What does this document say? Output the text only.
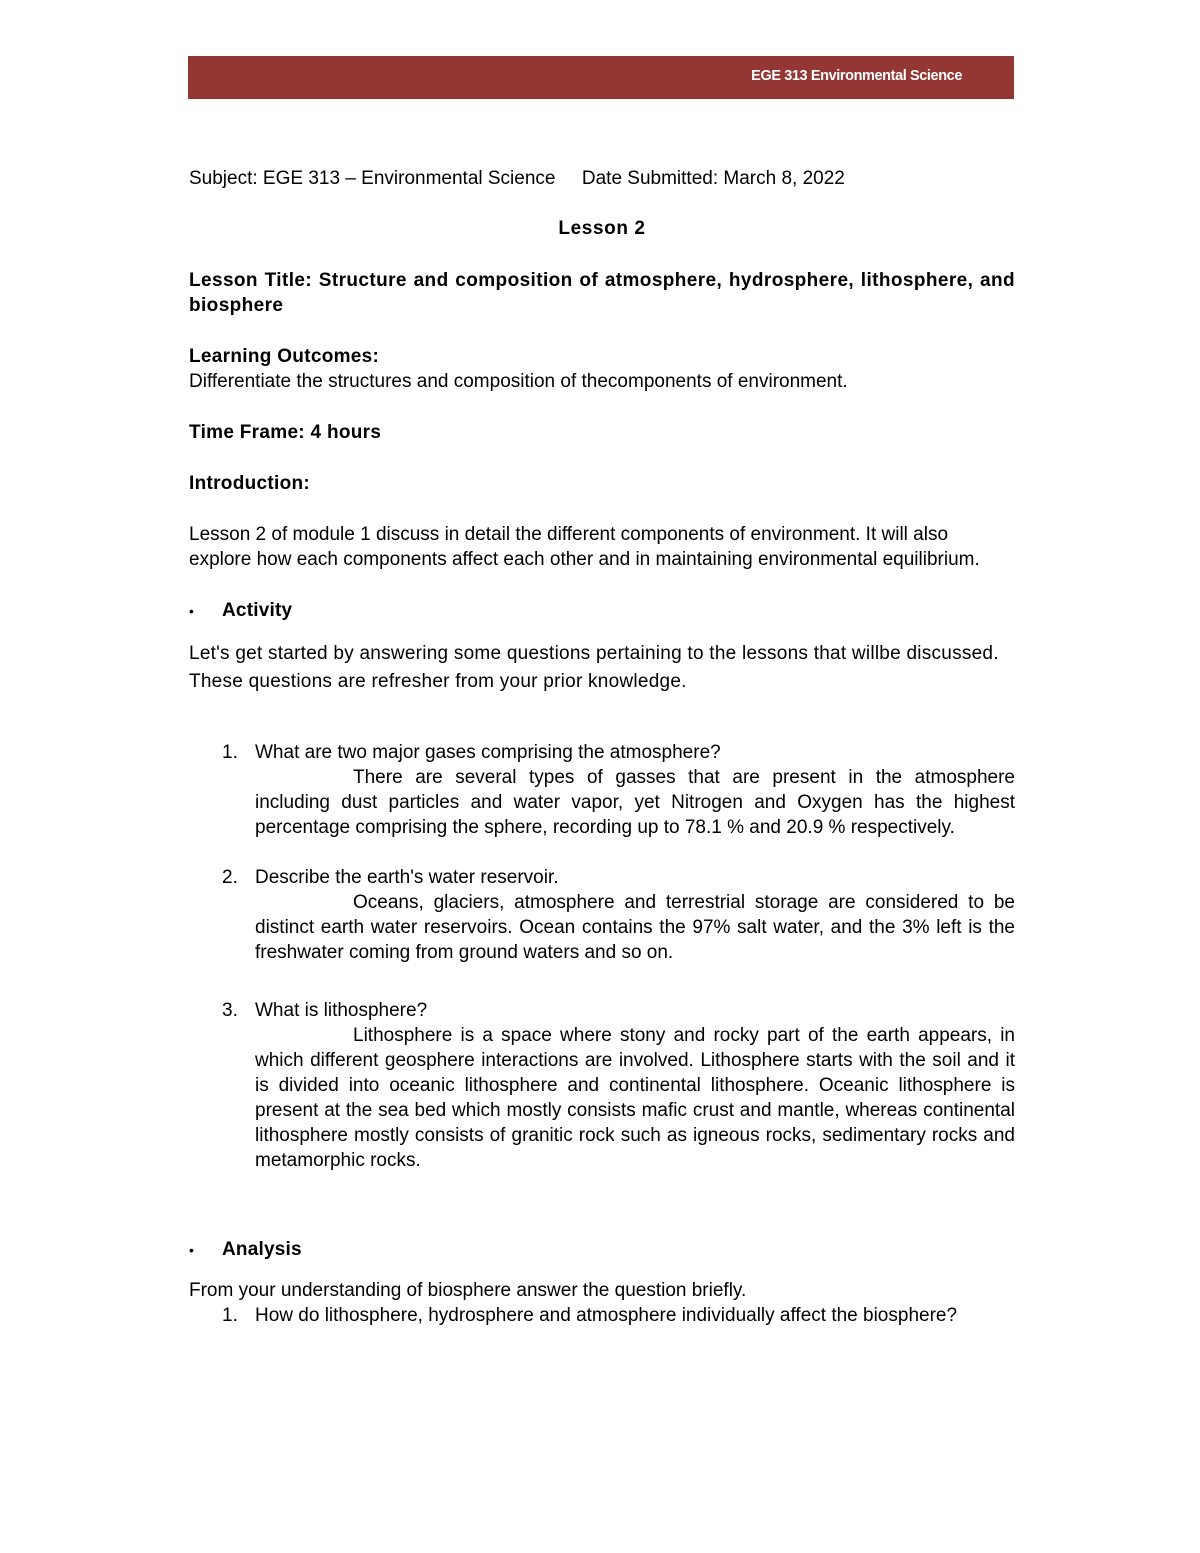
EGE 313 Environmental Science

Subject: EGE 313 – Environmental Science     Date Submitted: March 8, 2022

Lesson 2

Lesson Title: Structure and composition of atmosphere, hydrosphere, lithosphere, and biosphere

Learning Outcomes:

Differentiate the structures and composition of thecomponents of environment.

Time Frame: 4 hours

Introduction:

Lesson 2 of module 1 discuss in detail the different components of environment. It will also explore how each components affect each other and in maintaining environmental equilibrium.

•	Activity

Let's get started by answering some questions pertaining to the lessons that willbe discussed. These questions are refresher from your prior knowledge.

1. What are two major gases comprising the atmosphere?

There are several types of gasses that are present in the atmosphere including dust particles and water vapor, yet Nitrogen and Oxygen has the highest percentage comprising the sphere, recording up to 78.1 % and 20.9 % respectively.

2. Describe the earth's water reservoir.

Oceans, glaciers, atmosphere and terrestrial storage are considered to be distinct earth water reservoirs. Ocean contains the 97% salt water, and the 3% left is the freshwater coming from ground waters and so on.

3. What is lithosphere?

Lithosphere is a space where stony and rocky part of the earth appears, in which different geosphere interactions are involved. Lithosphere starts with the soil and it is divided into oceanic lithosphere and continental lithosphere. Oceanic lithosphere is present at the sea bed which mostly consists mafic crust and mantle, whereas continental lithosphere mostly consists of granitic rock such as igneous rocks, sedimentary rocks and metamorphic rocks.

•	Analysis

From your understanding of biosphere answer the question briefly.

1. How do lithosphere, hydrosphere and atmosphere individually affect the biosphere?
